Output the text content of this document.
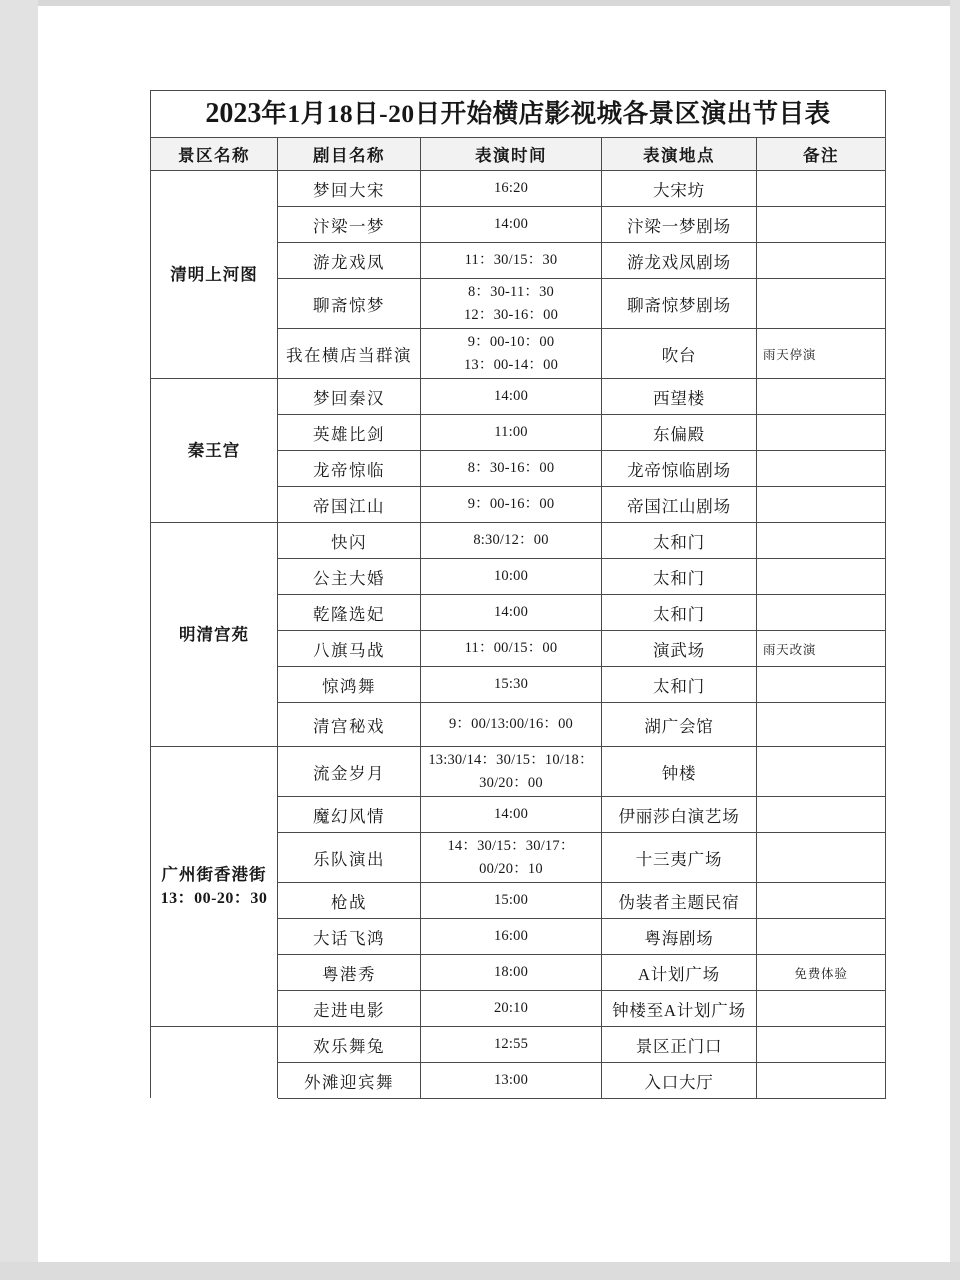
2023年1月18日-20日开始横店影视城各景区演出节目表				
景区名称	剧目名称	表演时间	表演地点	备注
清明上河图	梦回大宋	16:20	大宋坊	
	汴梁一梦	14:00	汴梁一梦剧场	
	游龙戏凤	11：30/15：30	游龙戏凤剧场	
	聊斋惊梦	8：30-11：30
12：30-16：00	聊斋惊梦剧场	
	我在横店当群演	9：00-10：00
13：00-14：00	吹台	雨天停演
秦王宫	梦回秦汉	14:00	西望楼	
	英雄比剑	11:00	东偏殿	
	龙帝惊临	8：30-16：00	龙帝惊临剧场	
	帝国江山	9：00-16：00	帝国江山剧场	
明清宫苑	快闪	8:30/12：00	太和门	
	公主大婚	10:00	太和门	
	乾隆选妃	14:00	太和门	
	八旗马战	11：00/15：00	演武场	雨天改演
	惊鸿舞	15:30	太和门	
	清宫秘戏	9：00/13:00/16：00	湖广会馆	
广州街香港街
13：00-20：30	流金岁月	13:30/14：30/15：10/18：30/20：00	钟楼	
	魔幻风情	14:00	伊丽莎白演艺场	
	乐队演出	14：30/15：30/17：00/20：10	十三夷广场	
	枪战	15:00	伪装者主题民宿	
	大话飞鸿	16:00	粤海剧场	
	粤港秀	18:00	A计划广场	免费体验
	走进电影	20:10	钟楼至A计划广场	
	欢乐舞兔	12:55	景区正门口	
	外滩迎宾舞	13:00	入口大厅	
